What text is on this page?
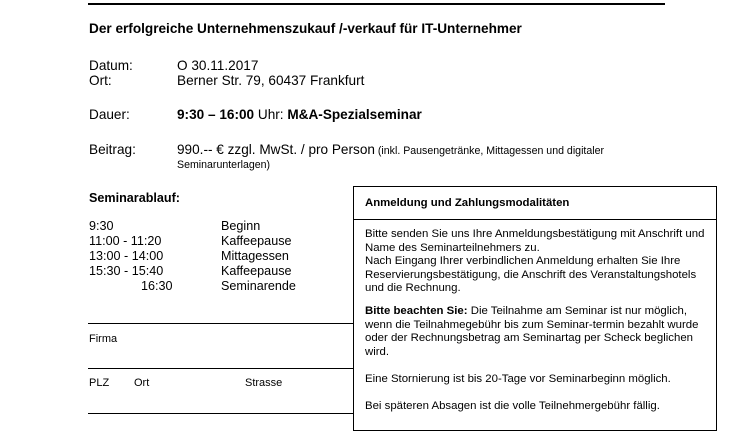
Der erfolgreiche Unternehmenszukauf /-verkauf für IT-Unternehmer
Datum:	O 30.11.2017
Ort:	Berner Str. 79, 60437 Frankfurt
Dauer:	9:30 – 16:00 Uhr: M&A-Spezialseminar
Beitrag:	990.-- € zzgl. MwSt. / pro Person (inkl. Pausengetränke, Mittagessen und digitaler
Seminarunterlagen)
Seminarablauf:
9:30	Beginn
11:00 - 11:20	Kaffeepause
13:00 - 14:00	Mittagessen
15:30 - 15:40	Kaffeepause
16:30	Seminarende
Firma
PLZ Ort	Strasse

Anmeldung und Zahlungsmodalitäten

Bitte senden Sie uns Ihre Anmeldungsbestätigung mit Anschrift und Name des Seminarteilnehmers zu.

Nach Eingang Ihrer verbindlichen Anmeldung erhalten Sie Ihre Reservierungsbestätigung, die Anschrift des Veranstaltungshotels und die Rechnung.

Bitte beachten Sie: Die Teilnahme am Seminar ist nur möglich, wenn die Teilnahmegebühr bis zum Seminar-termin bezahlt wurde oder der Rechnungsbetrag am Seminartag per Scheck beglichen wird.

Eine Stornierung ist bis 20-Tage vor Seminarbeginn möglich.

Bei späteren Absagen ist die volle Teilnehmergebühr fällig.
